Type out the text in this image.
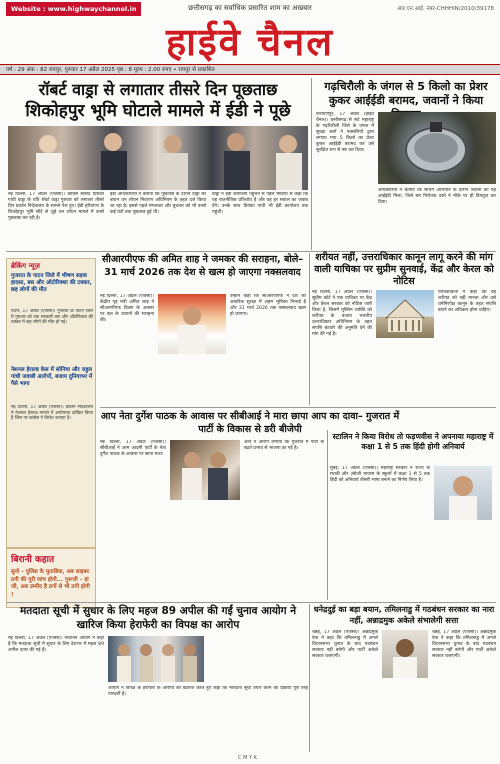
Website : www.highwaychannel.in	छत्तीसगढ़ का सर्वाधिक प्रसारित शाम का अखबार	आर.एन.आई. नंबर-CHHHIN/2010/39178
हाईवे चैनल
वर्ष : 29 अंक : 82 रायपुर, गुरुवार 17 अप्रैल 2025 पृष्ठ : 8 मूल्य : 2.00 रुपए • रायपुर से प्रकाशित
रॉबर्ट वाड्रा से लगातार तीसरे दिन पूछताछ
शिकोहपुर भूमि घोटाले मामले में ईडी ने पूछे
नई दिल्ली, 17 अप्रैल (एजेंसी)। कांग्रेस सांसद प्रियंका गांधी वाड्रा के पति रॉबर्ट वाड्रा गुरुवार को लगातार तीसरे दिन प्रवर्तन निदेशालय के सामने पेश हुए। ईडी हरियाणा के शिकोहपुर भूमि सौदे से जुड़े धन शोधन मामले में उनसे पूछताछ कर रही है।
ईडी अधिकारियों ने बताया कि पूछताछ के दौरान वाड्रा का बयान धन शोधन निवारण अधिनियम के तहत दर्ज किया जा रहा है। इससे पहले मंगलवार और बुधवार को भी उनसे कई घंटों तक पूछताछ हुई थी।
वाड्रा ने ईडी कार्यालय पहुंचने से पहले मीडिया से कहा कि यह राजनीतिक प्रतिशोध है और वह हर सवाल का जवाब देंगे। उनके साथ प्रियंका गांधी भी ईडी कार्यालय तक पहुंचीं।
गढ़चिरौली के जंगल से 5 किलो का प्रेशर कुकर आईईडी बरामद, जवानों ने किया
नारायणपुर, 17 अप्रैल (हाईवे चैनल)। छत्तीसगढ़ से सटे महाराष्ट्र के गढ़चिरौली जिले के जंगल में सुरक्षा बलों ने नक्सलियों द्वारा लगाया गया 5 किलो का प्रेशर कुकर आईईडी बरामद कर उसे सुरक्षित रूप से नष्ट कर दिया।
अधिकारियों ने बताया कि सर्चिंग अभियान के दौरान जवानों को यह आईईडी मिला, जिसे बम निरोधक दस्ते ने मौके पर ही डिफ्यूज कर दिया।
ब्रेकिंग न्यूज़
गुजरात के पाटन जिले में भीषण सड़क हादसा, बस और ऑटोरिक्शा की टक्कर, छह लोगों की मौत
पाटन, 17 अप्रैल (एजेंसी)। गुजरात के पाटन जिले में गुरुवार को एक सरकारी बस और ऑटोरिक्शा की टक्कर में छह लोगों की मौत हो गई।
नेशनल हेराल्ड केस में सोनिया और राहुल गांधी जवाबी आरोपों, बजाय दुनियाभर में पैसे भागा
नई दिल्ली, 17 अप्रैल (एजेंसी)। प्रवर्तन निदेशालय ने नेशनल हेराल्ड मामले में आरोपपत्र दाखिल किया है जिस पर कांग्रेस ने विरोध जताया है।
सीआरपीएफ की अमित शाह ने जमकर की सराहना, बोले– 31 मार्च 2026 तक देश से खत्म हो जाएगा नक्सलवाद
नई दिल्ली, 17 अप्रैल (एजेंसी)। केंद्रीय गृह मंत्री अमित शाह ने सीआरपीएफ दिवस के अवसर पर बल के जवानों की सराहना की।
उन्होंने कहा कि सीआरपीएफ ने देश की आंतरिक सुरक्षा में अहम भूमिका निभाई है और 31 मार्च 2026 तक नक्सलवाद खत्म हो जाएगा।
शरीयत नहीं, उत्तराधिकार कानून लागू करने की मांग वाली याचिका पर सुप्रीम सुनवाई, केंद्र और केरल को नोटिस
नई दिल्ली, 17 अप्रैल (एजेंसी)। सुप्रीम कोर्ट ने एक याचिका पर केंद्र और केरल सरकार को नोटिस जारी किया है, जिसमें मुस्लिम व्यक्ति को शरीयत के बजाय भारतीय उत्तराधिकार अधिनियम के तहत संपत्ति बंटवारे की अनुमति देने की मांग की गई है।
याचिकाकर्ता ने कहा कि वह शरीयत को नहीं मानता और उसे धर्मनिरपेक्ष कानून के तहत संपत्ति बांटने का अधिकार होना चाहिए।
आप नेता दुर्गेश पाठक के आवास पर सीबीआई ने मारा छापा आप का दावा– गुजरात में पार्टी के विकास से डरी बीजेपी
नई दिल्ली, 17 अप्रैल (एजेंसी)। सीबीआई ने आम आदमी पार्टी के नेता दुर्गेश पाठक के आवास पर छापा मारा।
आप ने आरोप लगाया कि गुजरात में पार्टी के बढ़ते प्रभाव से भाजपा डर गई है।
स्टालिन ने किया विरोध तो फड़णवीस ने अपनाया महाराष्ट्र में कक्षा 1 से 5 तक हिंदी होगी अनिवार्य
मुंबई, 17 अप्रैल (एजेंसी)। महाराष्ट्र सरकार ने राज्य के मराठी और अंग्रेजी माध्यम के स्कूलों में कक्षा 1 से 5 तक हिंदी को अनिवार्य तीसरी भाषा बनाने का निर्णय लिया है।
बिरानी कहात
सुनो – पुलिस के मुताबिक, अब साइबर ठगी की पूरी जांच होगी... गुरूजी – हां जी, अब उम्मीद है ठगों से भी ठगी होगी !
मतदाता सूची में सुधार के लिए महज 89 अपील की गईं चुनाव आयोग ने खारिज किया हेराफेरी का विपक्ष का आरोप
नई दिल्ली, 17 अप्रैल (एजेंसी)। निर्वाचन आयोग ने कहा है कि मतदाता सूची में सुधार के लिए देशभर में महज 89 अपील दायर की गई हैं।
आयोग ने विपक्ष के हेराफेरी के आरोपों को खारिज करते हुए कहा कि मतदाता सूची तैयार करने की प्रक्रिया पूरी तरह पारदर्शी है।
धनेद्रदुई का बड़ा बयान, तमिलनाडु में गठबंधन सरकार का नारा नहीं, अन्नाद्रमुक अकेले संभालेगी सत्ता
चेन्नई, 17 अप्रैल (एजेंसी)। अन्नाद्रमुक नेता ने कहा कि तमिलनाडु में अगले विधानसभा चुनाव के बाद गठबंधन सरकार नहीं बनेगी और पार्टी अकेले सरकार चलाएगी।
चेन्नई, 17 अप्रैल (एजेंसी)। अन्नाद्रमुक नेता ने कहा कि तमिलनाडु में अगले विधानसभा चुनाव के बाद गठबंधन सरकार नहीं बनेगी और पार्टी अकेले सरकार चलाएगी।
C M Y K
